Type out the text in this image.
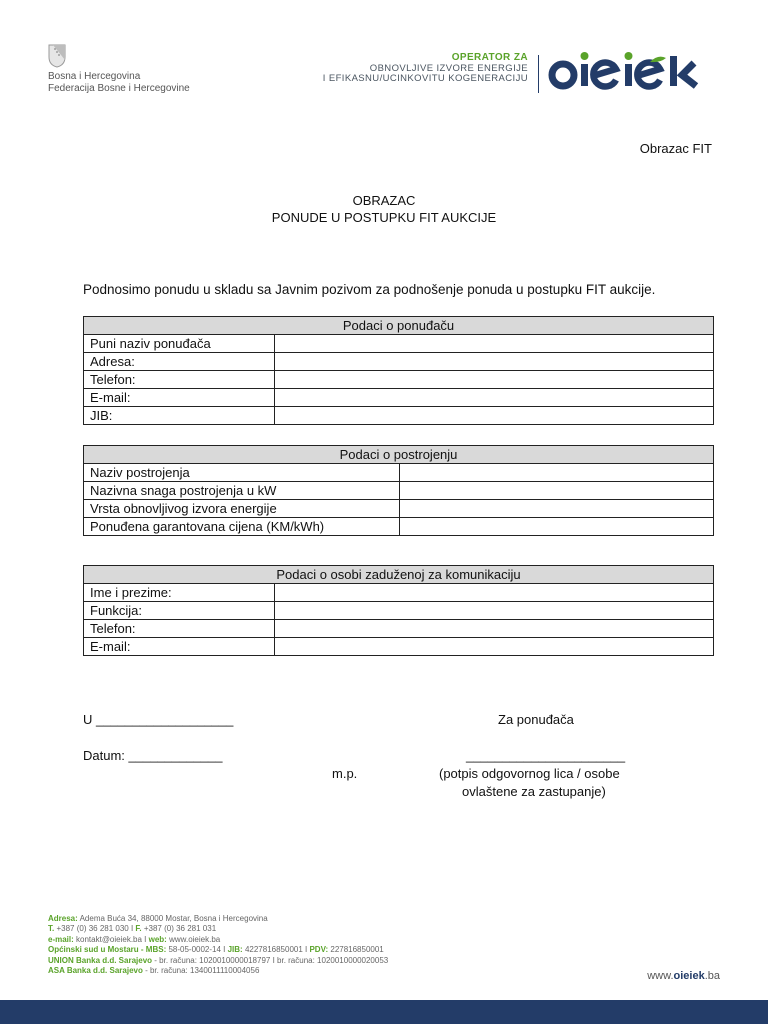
Bosna i Hercegovina
Federacija Bosne i Hercegovine
OPERATOR ZA
OBNOVLJIVE IZVORE ENERGIJE
I EFIKASNU/UCINKOVITU KOGENERACIJU
Obrazac FIT
OBRAZAC
PONUDE U POSTUPKU FIT AUKCIJE
Podnosimo ponudu u skladu sa Javnim pozivom za podnošenje ponuda u postupku FIT aukcije.
Podaci o ponuđaču	
Puni naziv ponuđača	
Adresa:	
Telefon:	
E-mail:	
JIB:	
Podaci o postrojenju	
Naziv postrojenja	
Nazivna snaga postrojenja u kW	
Vrsta obnovljivog izvora energije	
Ponuđena garantovana cijena (KM/kWh)	
Podaci o osobi zaduženoj za komunikaciju	
Ime i prezime:	
Funkcija:	
Telefon:	
E-mail:	
U ___________________	Za ponuđača
Datum: _____________	______________________
m.p.	(potpis odgovornog lica / osobe
ovlaštene za zastupanje)
Adresa: Adema Buća 34, 88000 Mostar, Bosna i Hercegovina
T. +387 (0) 36 281 030 I F. +387 (0) 36 281 031
e-mail: kontakt@oieiek.ba I web: www.oieiek.ba
Općinski sud u Mostaru - MBS: 58-05-0002-14 I JIB: 4227816850001 I PDV: 227816850001
UNION Banka d.d. Sarajevo - br. računa: 1020010000018797 I br. računa: 1020010000020053
ASA Banka d.d. Sarajevo - br. računa: 1340011110004056	www.oieiek.ba
